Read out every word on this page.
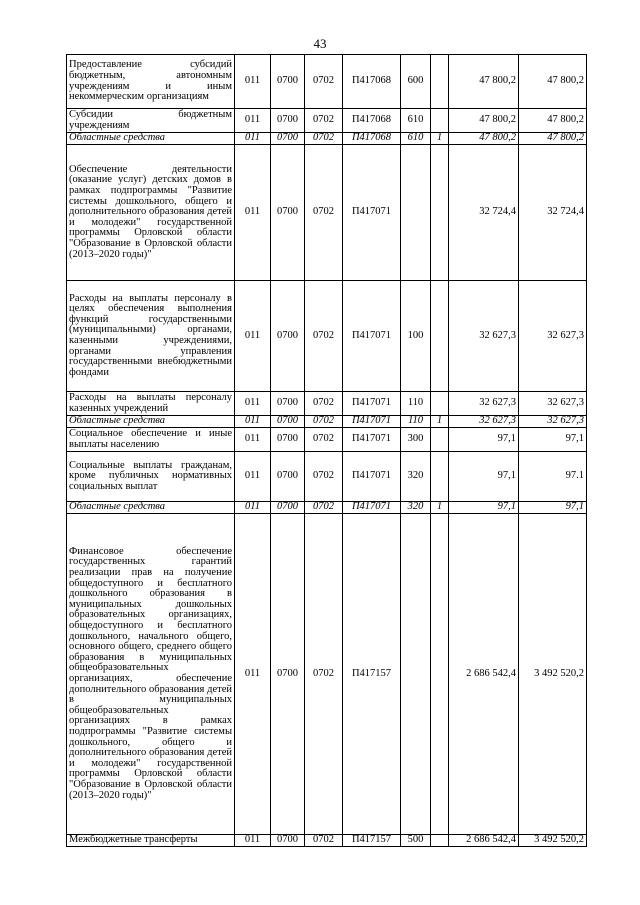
43
Предоставление субсидий бюджетным, автономным учреждениям и иным некоммерческим организациям	011	0700	0702	П417068	600		47 800,2	47 800,2
Субсидии бюджетным учреждениям	011	0700	0702	П417068	610		47 800,2	47 800,2
Областные средства	011	0700	0702	П417068	610	1	47 800,2	47 800,2
Обеспечение деятельности (оказание услуг) детских домов в рамках подпрограммы "Развитие системы дошкольного, общего и дополнительного образования детей и молодежи" государственной программы Орловской области "Образование в Орловской области (2013–2020 годы)"	011	0700	0702	П417071			32 724,4	32 724,4
Расходы на выплаты персоналу в целях обеспечения выполнения функций государственными (муниципальными) органами, казенными учреждениями, органами управления государственными внебюджетными фондами	011	0700	0702	П417071	100		32 627,3	32 627,3
Расходы на выплаты персоналу казенных учреждений	011	0700	0702	П417071	110		32 627,3	32 627,3
Областные средства	011	0700	0702	П417071	110	1	32 627,3	32 627,3
Социальное обеспечение и иные выплаты населению	011	0700	0702	П417071	300		97,1	97,1
Социальные выплаты гражданам, кроме публичных нормативных социальных выплат	011	0700	0702	П417071	320		97,1	97.1
Областные средства	011	0700	0702	П417071	320	1	97,1	97,1
Финансовое обеспечение государственных гарантий реализации прав на получение общедоступного и бесплатного дошкольного образования в муниципальных дошкольных образовательных организациях, общедоступного и бесплатного дошкольного, начального общего, основного общего, среднего общего образования в муниципальных общеобразовательных организациях, обеспечение дополнительного образования детей в муниципальных общеобразовательных организациях в рамках подпрограммы "Развитие системы дошкольного, общего и дополнительного образования детей и молодежи" государственной программы Орловской области "Образование в Орловской области (2013–2020 годы)"	011	0700	0702	П417157			2 686 542,4	3 492 520,2
Межбюджетные трансферты	011	0700	0702	П417157	500		2 686 542,4	3 492 520,2
